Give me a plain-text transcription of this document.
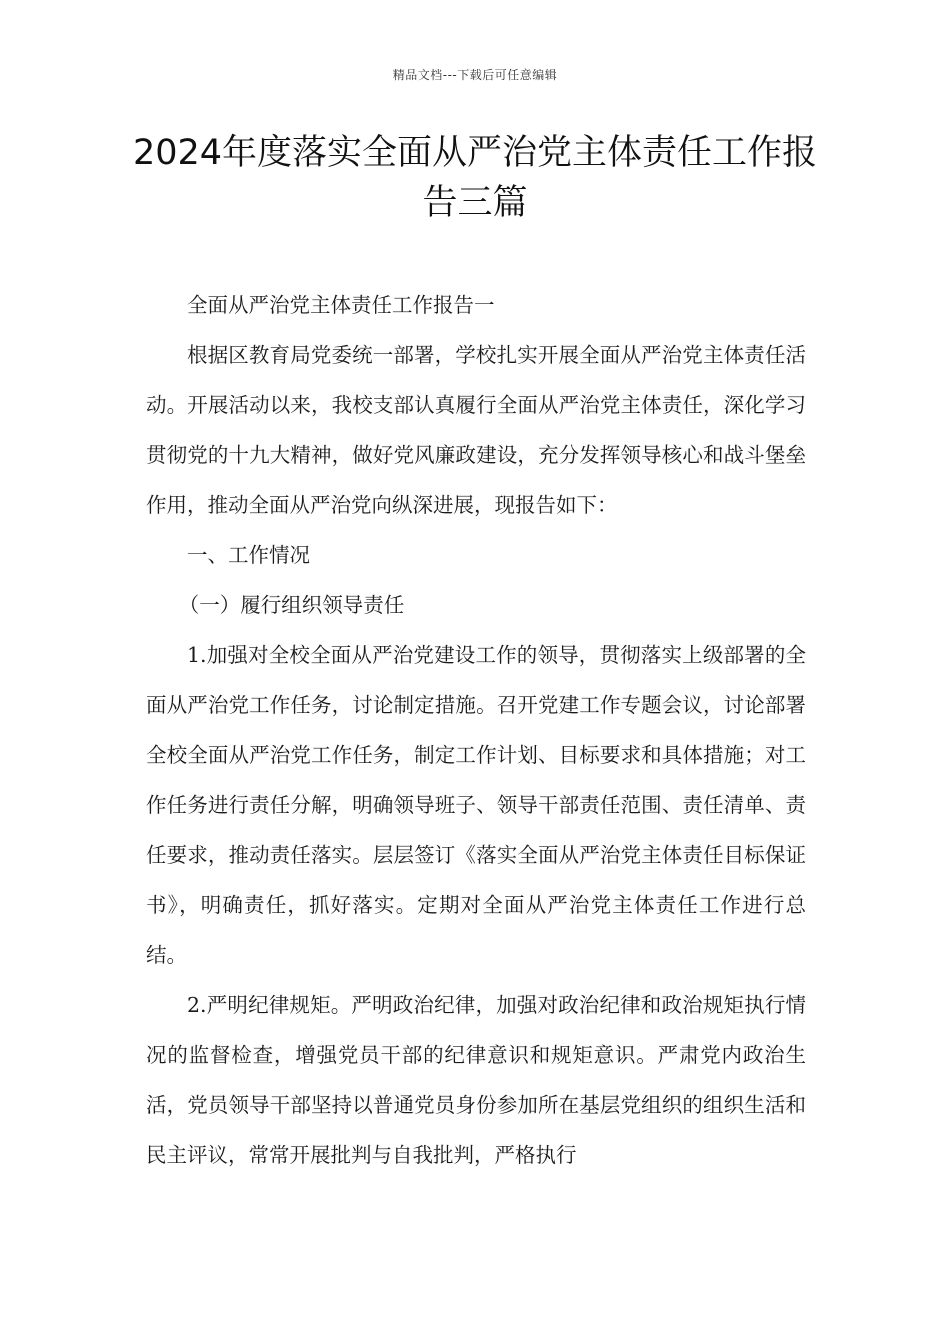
精品文档---下载后可任意编辑
2024年度落实全面从严治党主体责任工作报告三篇

全面从严治党主体责任工作报告一

根据区教育局党委统一部署，学校扎实开展全面从严治党主体责任活动。开展活动以来，我校支部认真履行全面从严治党主体责任，深化学习贯彻党的十九大精神，做好党风廉政建设，充分发挥领导核心和战斗堡垒作用，推动全面从严治党向纵深进展，现报告如下：

一、工作情况

（一）履行组织领导责任

1.加强对全校全面从严治党建设工作的领导，贯彻落实上级部署的全面从严治党工作任务，讨论制定措施。召开党建工作专题会议，讨论部署全校全面从严治党工作任务，制定工作计划、目标要求和具体措施；对工作任务进行责任分解，明确领导班子、领导干部责任范围、责任清单、责任要求，推动责任落实。层层签订《落实全面从严治党主体责任目标保证书》，明确责任，抓好落实。定期对全面从严治党主体责任工作进行总结。

2.严明纪律规矩。严明政治纪律，加强对政治纪律和政治规矩执行情况的监督检查，增强党员干部的纪律意识和规矩意识。严肃党内政治生活，党员领导干部坚持以普通党员身份参加所在基层党组织的组织生活和民主评议，常常开展批判与自我批判，严格执行
